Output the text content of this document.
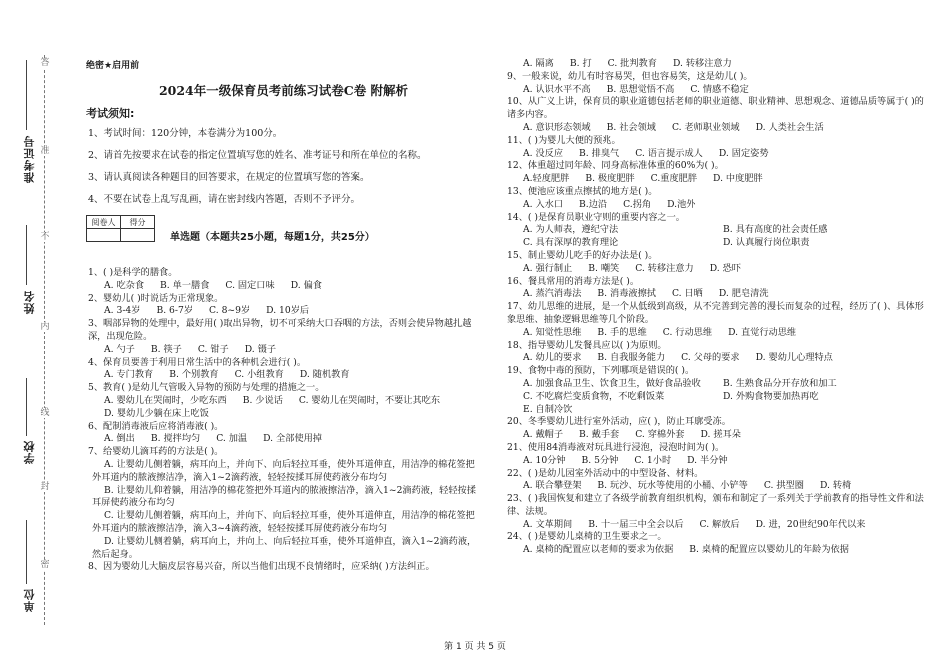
答
准
不
内
线
封
密
准考证号
姓名
学校
单位
绝密★启用前
2024年一级保育员考前练习试卷C卷 附解析
考试须知:
1、考试时间：120分钟，本卷满分为100分。
2、请首先按要求在试卷的指定位置填写您的姓名、准考证号和所在单位的名称。
3、请认真阅读各种题目的回答要求，在规定的位置填写您的答案。
4、不要在试卷上乱写乱画，请在密封线内答题，否则不予评分。
阅卷人	得分

单选题（本题共25小题，每题1分，共25分）
1、( )是科学的膳食。
A. 吃杂食 B. 单一膳食 C. 固定口味 D. 偏食
2、婴幼儿( )时说话为正常现象。
A. 3-4岁 B. 6-7岁 C. 8~9岁 D. 10岁后
3、咽部异物的处理中，最好用( )取出异物，切不可采纳大口吞咽的方法，否则会使异物越扎越深，出现危险。
A. 勺子 B. 筷子 C. 钳子 D. 镊子
4、保育员要善于利用日常生活中的各种机会进行( )。
A. 专门教育 B. 个别教育 C. 小组教育 D. 随机教育
5、教育( )是幼儿气管吸入异物的预防与处理的措施之一。
A. 婴幼儿在哭闹时，少吃东西 B. 少说话 C. 婴幼儿在哭闹时，不要让其吃东D. 婴幼儿少躺在床上吃饭
6、配制消毒液后应将消毒液( )。
A. 倒出 B. 搅拌均匀 C. 加温 D. 全部使用掉
7、给婴幼儿滴耳药的方法是( )。
A. 让婴幼儿侧着躺，病耳向上，并向下、向后轻拉耳垂，使外耳道伸直，用洁净的棉花签把外耳道内的脓液擦洁净，滴入1~2滴药液，轻轻按揉耳屏使药液分布均匀
B. 让婴幼儿仰着躺，用洁净的棉花签把外耳道内的脓液擦洁净，滴入1~2滴药液，轻轻按揉耳屏使药液分布均匀
C. 让婴幼儿侧着躺，病耳向上，并向下、向后轻拉耳垂，使外耳道伸直，用洁净的棉花签把外耳道内的脓液擦洁净，滴入3~4滴药液，轻轻按揉耳屏使药液分布均匀
D. 让婴幼儿侧着躺，病耳向上，并向上、向后轻拉耳垂，使外耳道伸直，滴入1~2滴药液，然后起身。
8、因为婴幼儿大脑皮层容易兴奋，所以当他们出现不良情绪时，应采纳( )方法纠正。
A. 隔离 B. 打 C. 批判教育 D. 转移注意力
9、一般来说，幼儿有时容易哭，但也容易笑，这是幼儿( )。
A. 认识水平不高 B. 思想觉悟不高 C. 情感不稳定
10、从广义上讲，保育员的职业道德包括老师的职业道德、职业精神、思想观念、道德品质等属于( )的诸多内容。
A. 意识形态领域 B. 社会领域 C. 老师职业领域 D. 人类社会生活
11、( )为婴儿大便的预兆。
A. 没反应 B. 排臭气 C. 语言提示成人 D. 固定姿势
12、体重超过同年龄、同身高标准体重的60%为( )。
A.轻度肥胖 B. 极度肥胖 C.重度肥胖 D. 中度肥胖
13、便池应该重点擦拭的地方是( )。
A. 入水口 B.边沿 C.拐角 D.池外
14、( )是保育员职业守则的重要内容之一。
A. 为人师表，遵纪守法	B. 具有高度的社会责任感
C. 具有深厚的教育理论	D. 认真履行岗位职责
15、制止婴幼儿吃手的好办法是( )。
A. 强行制止 B. 嘲笑 C. 转移注意力 D. 恐吓
16、餐具常用的消毒方法是( )。
A. 蒸汽消毒法 B. 消毒液擦拭 C. 日晒 D. 肥皂清洗
17、幼儿思维的进展，是一个从低级到高级，从不完善到完善的漫长而复杂的过程，经历了( )、具体形象思维、抽象逻辑思维等几个阶段。
A. 知觉性思维 B. 手的思维 C. 行动思维 D. 直觉行动思维
18、指导婴幼儿发餐具应以( )为原则。
A. 幼儿的要求 B. 自我服务能力 C. 父母的要求 D. 婴幼儿心理特点
19、食物中毒的预防，下列哪项是错误的( )。
A. 加强食品卫生、饮食卫生，做好食品验收 B. 生熟食品分开存放和加工
C. 不吃腐烂变质食物，不吃剩饭菜	D. 外购食物要加热再吃
E. 自制冷饮
20、冬季婴幼儿进行室外活动，应( )，防止耳廓受冻。
A. 戴帽子 B. 戴手套 C. 穿棉外套 D. 搓耳朵
21、使用84消毒液对玩具进行浸泡，浸泡时间为( )。
A. 10分钟 B. 5分钟 C. 1小时 D. 半分钟
22、( )是幼儿园室外活动中的中型设备、材料。
A. 联合攀登架 B. 玩沙、玩水等使用的小桶、小铲等 C. 拱型圈 D. 转椅
23、( )我国恢复和建立了各级学前教育组织机构，颁布和制定了一系列关于学前教育的指导性文件和法律、法规。
A. 文革期间 B. 十一届三中全会以后 C. 解放后 D. 进，20世纪90年代以来
24、( )是婴幼儿桌椅的卫生要求之一。
A. 桌椅的配置应以老师的要求为依据 B. 桌椅的配置应以婴幼儿的年龄为依据
第 1 页 共 5 页
